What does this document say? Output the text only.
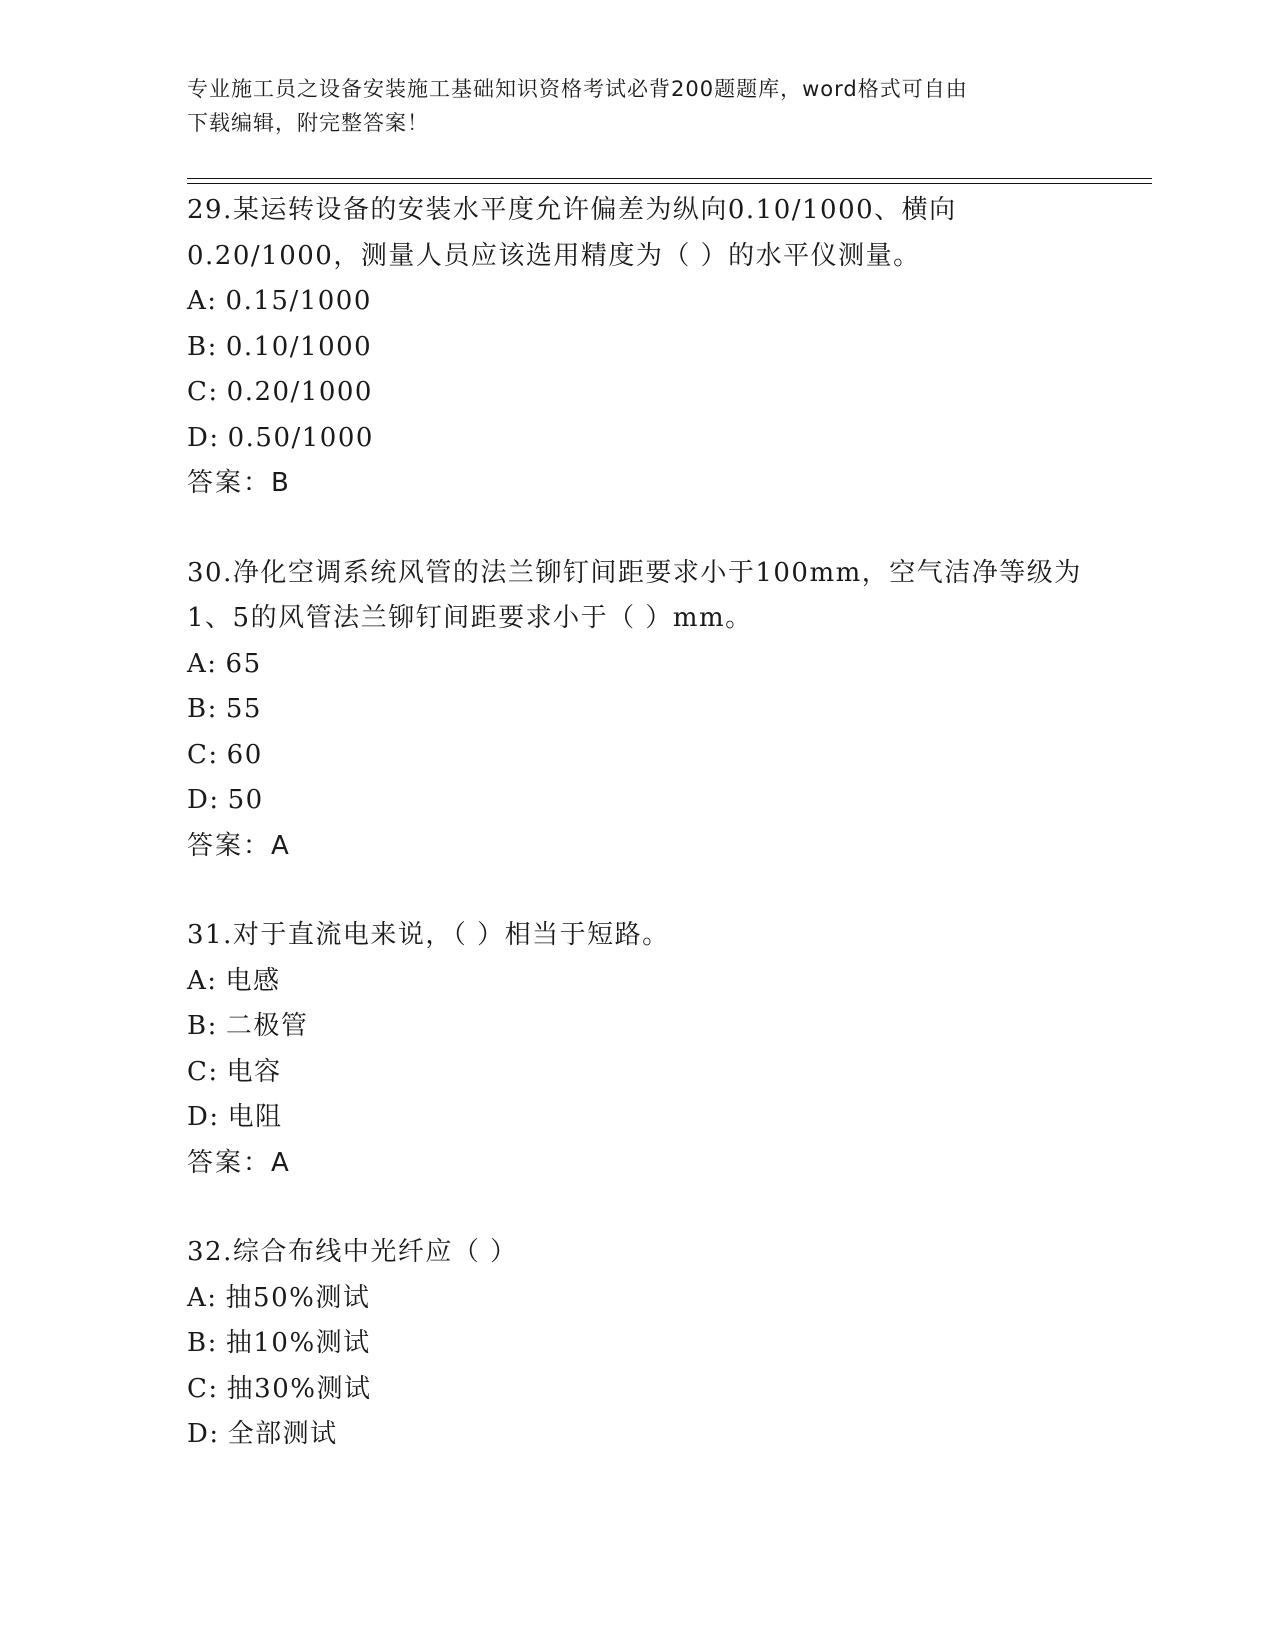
专业施工员之设备安装施工基础知识资格考试必背200题题库，word格式可自由
下载编辑，附完整答案！

29.某运转设备的安装水平度允许偏差为纵向0.10/1000、横向0.20/1000，测量人员应该选用精度为（ ）的水平仪测量。

A: 0.15/1000

B: 0.10/1000

C: 0.20/1000

D: 0.50/1000

答案：B

30.净化空调系统风管的法兰铆钉间距要求小于100mm，空气洁净等级为1、5的风管法兰铆钉间距要求小于（ ）mm。

A: 65

B: 55

C: 60

D: 50

答案：A

31.对于直流电来说，（ ）相当于短路。

A: 电感

B: 二极管

C: 电容

D: 电阻

答案：A

32.综合布线中光纤应（ ）

A: 抽50%测试

B: 抽10%测试

C: 抽30%测试

D: 全部测试
